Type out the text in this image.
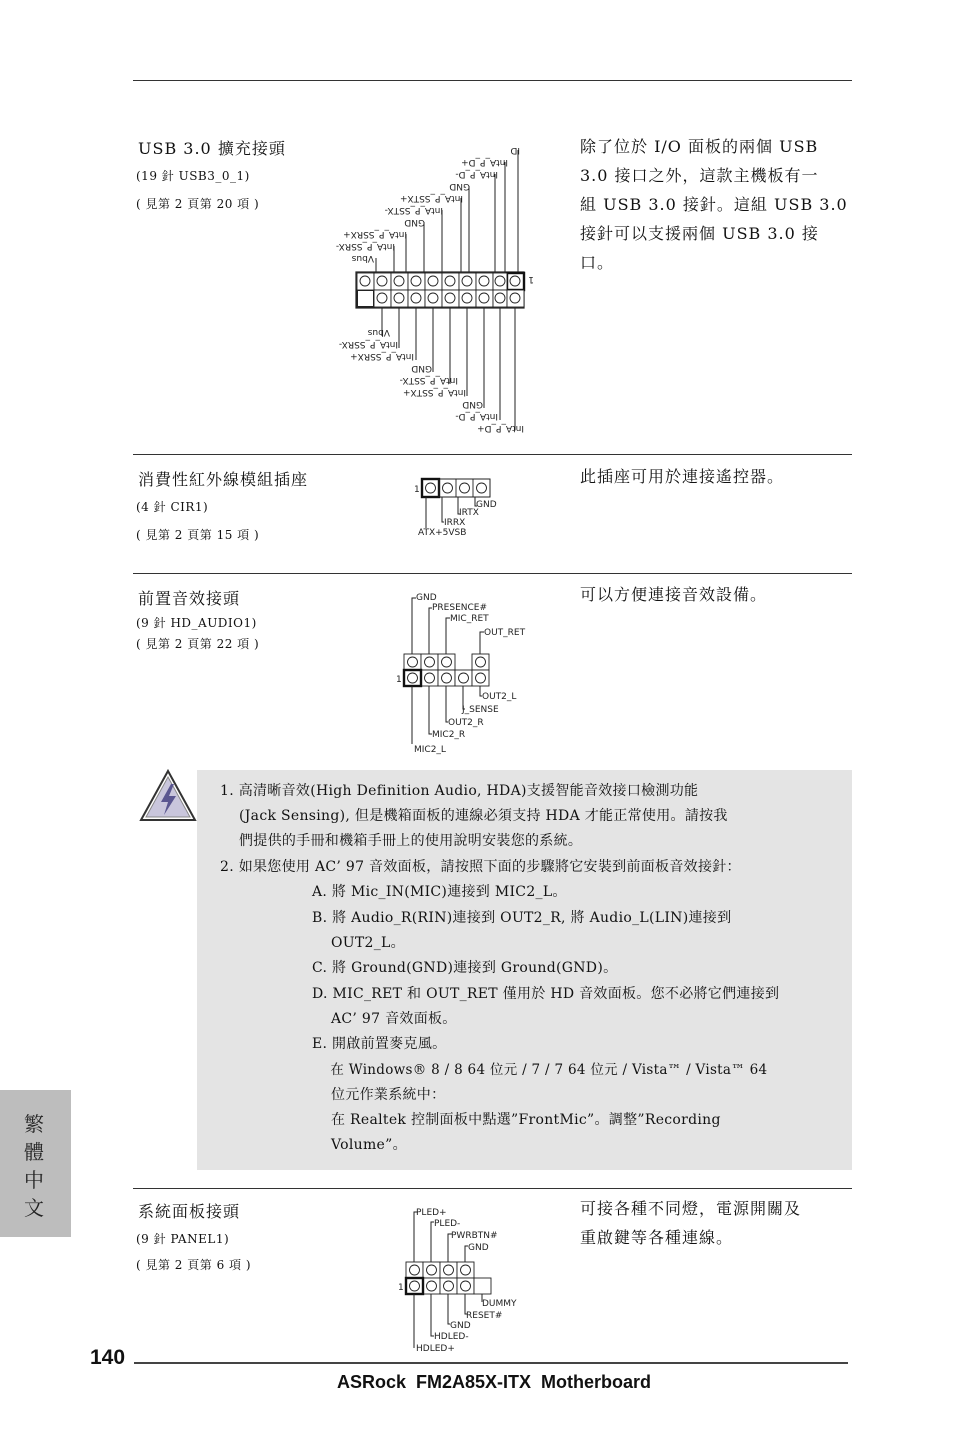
USB 3.0 擴充接頭
(19 針 USB3_0_1)
( 見第 2 頁第 20 項 )
除了位於 I/O 面板的兩個 USB
3.0 接口之外，這款主機板有一
組 USB 3.0 接針。這組 USB 3.0
接針可以支援兩個 USB 3.0 接
口。
ID
IntA_P_D+
IntA_P_D-
GND
IntA_P_SSTX+
IntA_P_SSTX-
GND
IntA_P_SSRX+
IntA_P_SSRX-
Vbus
1
Vbus
IntA_P_SSRX-
IntA_P_SSRX+
GND
IntA_P_SSTX-
IntA_P_SSTX+
GND
IntA_P_D-
IntA_P_D+
消費性紅外線模組插座
(4 針 CIR1)
( 見第 2 頁第 15 項 )
此插座可用於連接遙控器。
1
GND
IRTX
IRRX
ATX+5VSB
前置音效接頭
(9 針 HD_AUDIO1)
( 見第 2 頁第 22 項 )
可以方便連接音效設備。
GND
PRESENCE#
MIC_RET
OUT_RET
1
OUT2_L
J_SENSE
OUT2_R
MIC2_R
MIC2_L
1. 高清晰音效(High Definition Audio, HDA)支援智能音效接口檢測功能
(Jack Sensing), 但是機箱面板的連線必須支持 HDA 才能正常使用。請按我
們提供的手冊和機箱手冊上的使用說明安裝您的系統。
2. 如果您使用 AC’ 97 音效面板，請按照下面的步驟將它安裝到前面板音效接針：
A. 將 Mic_IN(MIC)連接到 MIC2_L。
B. 將 Audio_R(RIN)連接到 OUT2_R, 將 Audio_L(LIN)連接到
OUT2_L。
C. 將 Ground(GND)連接到 Ground(GND)。
D. MIC_RET 和 OUT_RET 僅用於 HD 音效面板。您不必將它們連接到
AC’ 97 音效面板。
E. 開啟前置麥克風。
在 Windows® 8 / 8 64 位元 / 7 / 7 64 位元 / Vista™ / Vista™ 64
位元作業系統中：
在 Realtek 控制面板中點選”FrontMic”。調整”Recording
Volume”。
系統面板接頭
(9 針 PANEL1)
( 見第 2 頁第 6 項 )
可接各種不同燈，電源開關及
重啟鍵等各種連線。
PLED+
PLED-
PWRBTN#
GND
1
DUMMY
RESET#
GND
HDLED-
HDLED+
繁
體
中
文
140
ASRock  FM2A85X-ITX  Motherboard
